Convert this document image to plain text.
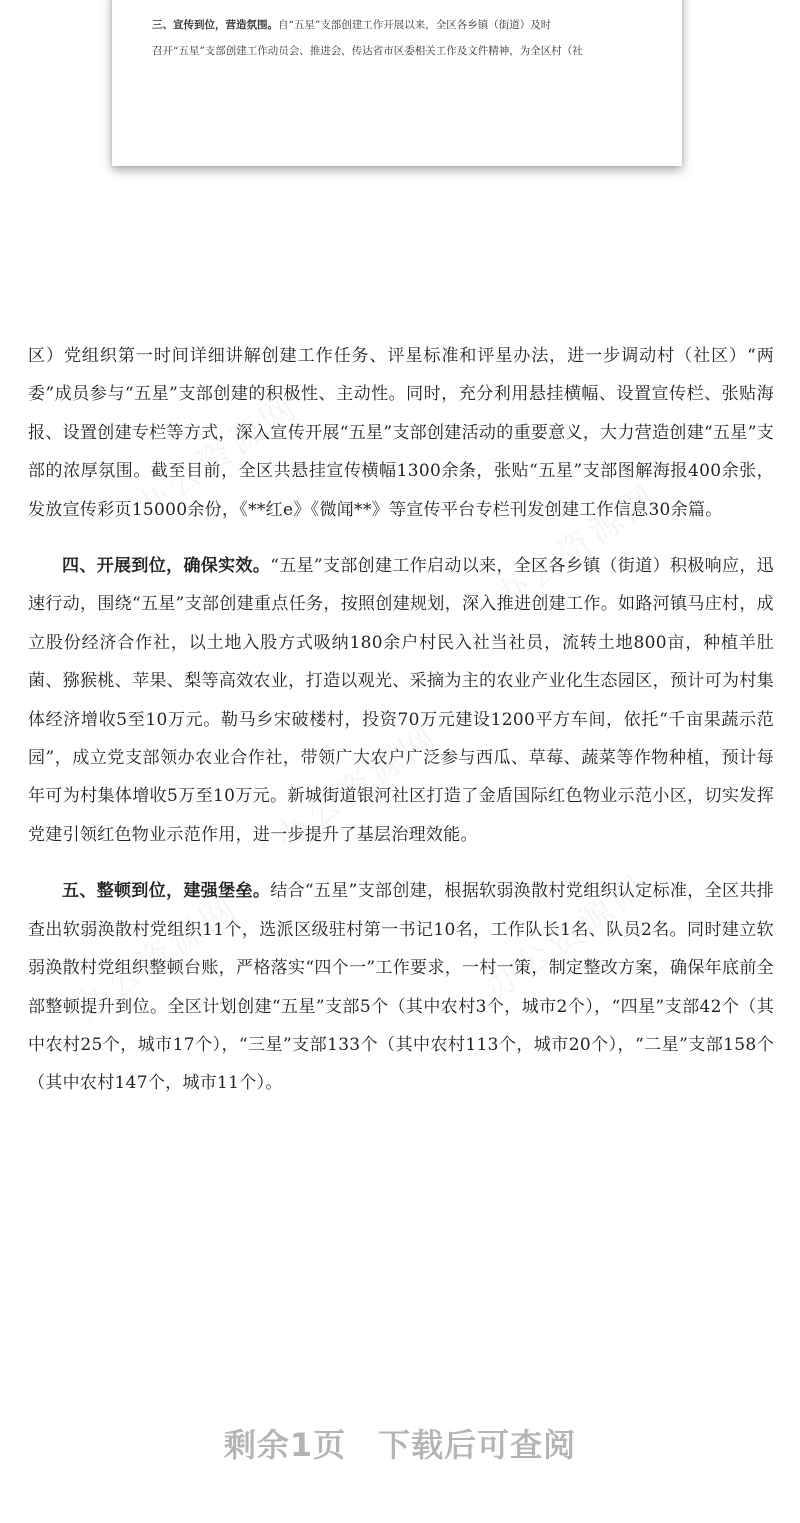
三、宣传到位，营造氛围。自“五星”支部创建工作开展以来，全区各乡镇（街道）及时
召开“五星”支部创建工作动员会、推进会，传达省市区委相关工作及文件精神，为全区村（社

区）党组织第一时间详细讲解创建工作任务、评星标准和评星办法，进一步调动村（社区）“两委”成员参与“五星”支部创建的积极性、主动性。同时，充分利用悬挂横幅、设置宣传栏、张贴海报、设置创建专栏等方式，深入宣传开展“五星”支部创建活动的重要意义，大力营造创建“五星”支部的浓厚氛围。截至目前，全区共悬挂宣传横幅1300余条，张贴“五星”支部图解海报400余张，发放宣传彩页15000余份，《**红e》《微闻**》等宣传平台专栏刊发创建工作信息30余篇。

四、开展到位，确保实效。“五星”支部创建工作启动以来，全区各乡镇（街道）积极响应，迅速行动，围绕“五星”支部创建重点任务，按照创建规划，深入推进创建工作。如路河镇马庄村，成立股份经济合作社，以土地入股方式吸纳180余户村民入社当社员，流转土地800亩，种植羊肚菌、猕猴桃、苹果、梨等高效农业，打造以观光、采摘为主的农业产业化生态园区，预计可为村集体经济增收5至10万元。勒马乡宋破楼村，投资70万元建设1200平方车间，依托“千亩果蔬示范园”，成立党支部领办农业合作社，带领广大农户广泛参与西瓜、草莓、蔬菜等作物种植，预计每年可为村集体增收5万至10万元。新城街道银河社区打造了金盾国际红色物业示范小区，切实发挥党建引领红色物业示范作用，进一步提升了基层治理效能。

五、整顿到位，建强堡垒。结合“五星”支部创建，根据软弱涣散村党组织认定标准，全区共排查出软弱涣散村党组织11个，选派区级驻村第一书记10名，工作队长1名、队员2名。同时建立软弱涣散村党组织整顿台账，严格落实“四个一”工作要求，一村一策，制定整改方案，确保年底前全部整顿提升到位。全区计划创建“五星”支部5个（其中农村3个，城市2个），“四星”支部42个（其中农村25个，城市17个），“三星”支部133个（其中农村113个，城市20个），“二星”支部158个（其中农村147个，城市11个）。

剩余1页 下载后可查阅
